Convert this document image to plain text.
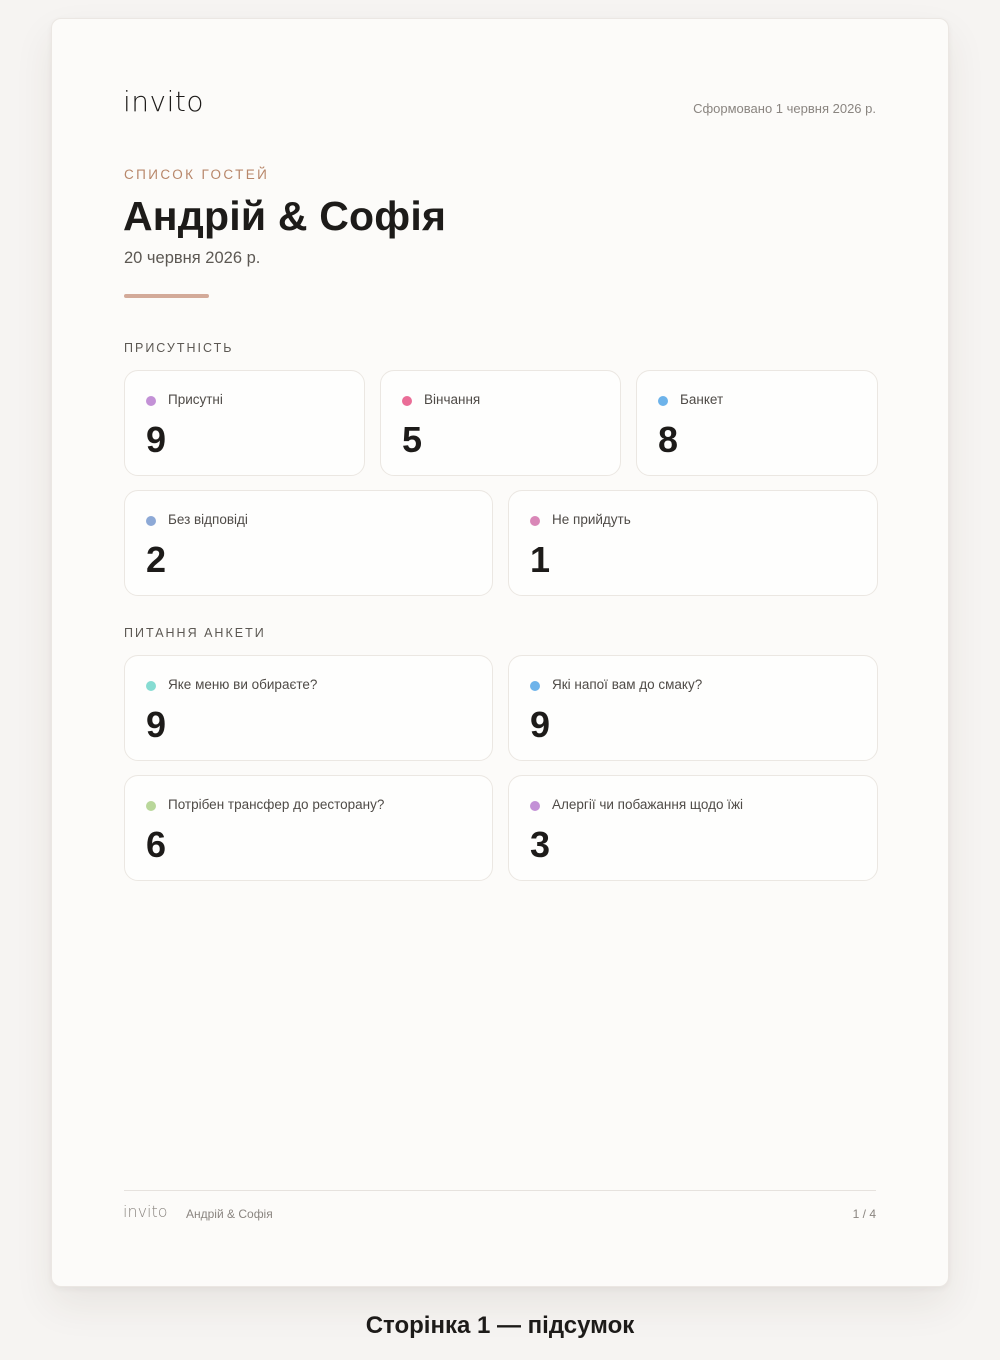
invito	Сформовано 1 червня 2026 р.
СПИСОК ГОСТЕЙ
Андрій & Софія
20 червня 2026 р.
ПРИСУТНІСТЬ
Присутні
9
Вінчання
5
Банкет
8
Без відповіді
2
Не прийдуть
1
ПИТАННЯ АНКЕТИ
Яке меню ви обираєте?
9
Які напої вам до смаку?
9
Потрібен трансфер до ресторану?
6
Алергії чи побажання щодо їжі
3
invito Андрій & Софія	1 / 4
Сторінка 1 — підсумок
